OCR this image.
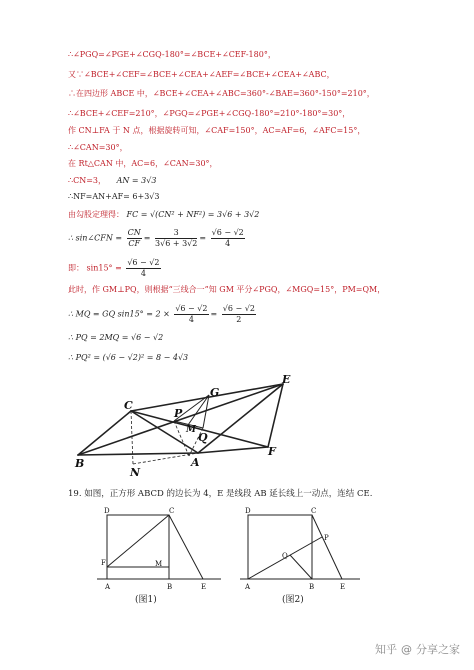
∴∠PGQ=∠PGE+∠CGQ-180°=∠BCE+∠CEF-180°，
又∵∠BCE+∠CEF=∠BCE+∠CEA+∠AEF=∠BCE+∠CEA+∠ABC，
∴在四边形 ABCE 中，∠BCE+∠CEA+∠ABC=360°-∠BAE=360°-150°=210°，
∴∠BCE+∠CEF=210°，∠PGQ=∠PGE+∠CGQ-180°=210°-180°=30°，
作 CN⊥FA 于 N 点，根据旋转可知，∠CAF=150°，AC=AF=6，∠AFC=15°，
∴∠CAN=30°，
在 Rt△CAN 中，AC=6，∠CAN=30°，
∴CN=3， AN = 3√3
∴NF=AN+AF= 6+3√3
由勾股定理得： FC = √(CN² + NF²) = 3√6 + 3√2
∴ sin∠CFN = $\frac{CN}{CF} = \frac{3}{3√6 + 3√2} = \frac{√6 - √2}{4}$
即： $\sin 15^\circ = \frac{√6 - √2}{4}$
此时，作 GM⊥PQ，则根据“三线合一”知 GM 平分∠PGQ，∠MGQ=15°，PM=QM，
∴ MQ = GQ $\sin 15^\circ = 2 \times \frac{√6 - √2}{4} = \frac{√6 - √2}{2}$
∴ PQ = 2MQ = √6 − √2
∴ PQ² = (√6 − √2)² = 8 − 4√3
C
P
G
E
M
Q
B	A
N
F
19. 如图，正方形 ABCD 的边长为 4，E 是线段 AB 延长线上一动点，连结 CE.
D	C
F	M
A	B	E
(图1)
D	C
P
Q
A	B	E
(图2)
知乎 @ 分享之家
